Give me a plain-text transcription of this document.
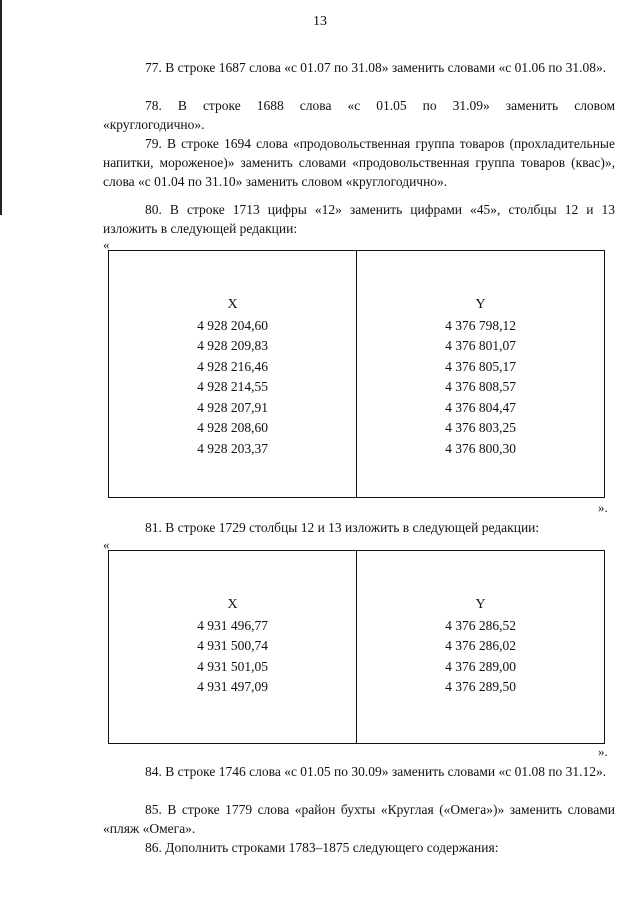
13

77. В строке 1687 слова «с 01.07 по 31.08» заменить словами «с 01.06 по 31.08».

78. В строке 1688 слова «с 01.05 по 31.09» заменить словом «круглогодично».

79. В строке 1694 слова «продовольственная группа товаров (прохладительные напитки, мороженое)» заменить словами «продовольственная группа товаров (квас)», слова «с 01.04 по 31.10» заменить словом «круглогодично».

80. В строке 1713 цифры «12» заменить цифрами «45», столбцы 12 и 13 изложить в следующей редакции:

«
X
4 928 204,60
4 928 209,83
4 928 216,46
4 928 214,55
4 928 207,91
4 928 208,60
4 928 203,37
Y
4 376 798,12
4 376 801,07
4 376 805,17
4 376 808,57
4 376 804,47
4 376 803,25
4 376 800,30
».

81. В строке 1729 столбцы 12 и 13 изложить в следующей редакции:

«
X
4 931 496,77
4 931 500,74
4 931 501,05
4 931 497,09
Y
4 376 286,52
4 376 286,02
4 376 289,00
4 376 289,50
».

84. В строке 1746 слова «с 01.05 по 30.09» заменить словами «с 01.08 по 31.12».

85. В строке 1779 слова «район бухты «Круглая («Омега»)» заменить словами «пляж «Омега».

86. Дополнить строками 1783–1875 следующего содержания:
